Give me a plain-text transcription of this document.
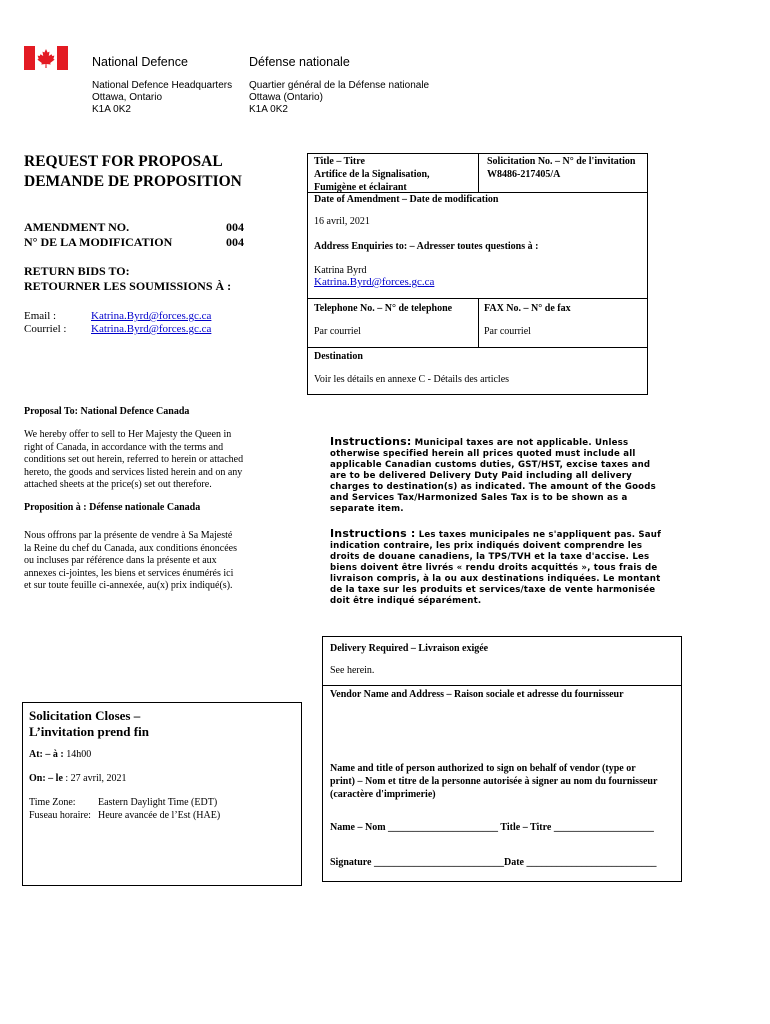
National Defence	Défense nationale
National Defence Headquarters
Ottawa, Ontario
K1A 0K2
Quartier général de la Défense nationale
Ottawa (Ontario)
K1A 0K2
REQUEST FOR PROPOSAL
DEMANDE DE PROPOSITION
AMENDMENT NO.
N° DE LA MODIFICATION
004
004
RETURN BIDS TO:
RETOURNER LES SOUMISSIONS À :
Email :
Courriel :
Katrina.Byrd@forces.gc.ca
Katrina.Byrd@forces.gc.ca
Title – Titre
Artifice de la Signalisation,
Fumigène et éclairant
Solicitation No. – N° de l'invitation
W8486-217405/A
Date of Amendment – Date de modification
16 avril, 2021
Address Enquiries to: – Adresser toutes questions à :
Katrina Byrd
Katrina.Byrd@forces.gc.ca
Telephone No. – N° de telephone
Par courriel
FAX No. – N° de fax
Par courriel
Destination
Voir les détails en annexe C - Détails des articles
Proposal To: National Defence Canada
We hereby offer to sell to Her Majesty the Queen in
right of Canada, in accordance with the terms and
conditions set out herein, referred to herein or attached
hereto, the goods and services listed herein and on any
attached sheets at the price(s) set out therefore.
Proposition à : Défense nationale Canada
Nous offrons par la présente de vendre à Sa Majesté
la Reine du chef du Canada, aux conditions énoncées
ou incluses par référence dans la présente et aux
annexes ci-jointes, les biens et services énumérés ici
et sur toute feuille ci-annexée, au(x) prix indiqué(s).
Instructions: Municipal taxes are not applicable. Unless
otherwise specified herein all prices quoted must include all
applicable Canadian customs duties, GST/HST, excise taxes and
are to be delivered Delivery Duty Paid including all delivery
charges to destination(s) as indicated. The amount of the Goods
and Services Tax/Harmonized Sales Tax is to be shown as a
separate item.
Instructions : Les taxes municipales ne s'appliquent pas. Sauf
indication contraire, les prix indiqués doivent comprendre les
droits de douane canadiens, la TPS/TVH et la taxe d'accise. Les
biens doivent être livrés « rendu droits acquittés », tous frais de
livraison compris, à la ou aux destinations indiquées. Le montant
de la taxe sur les produits et services/taxe de vente harmonisée
doit être indiqué séparément.
Delivery Required – Livraison exigée
See herein.
Vendor Name and Address – Raison sociale et adresse du fournisseur
Name and title of person authorized to sign on behalf of vendor (type or
print) – Nom et titre de la personne autorisée à signer au nom du fournisseur
(caractère d'imprimerie)
Name – Nom ______________________ Title – Titre ____________________
Signature __________________________Date __________________________
Solicitation Closes –
L’invitation prend fin
At: – à : 14h00
On: – le : 27 avril, 2021
Time Zone: Eastern Daylight Time (EDT)
Fuseau horaire: Heure avancée de l’Est (HAE)
